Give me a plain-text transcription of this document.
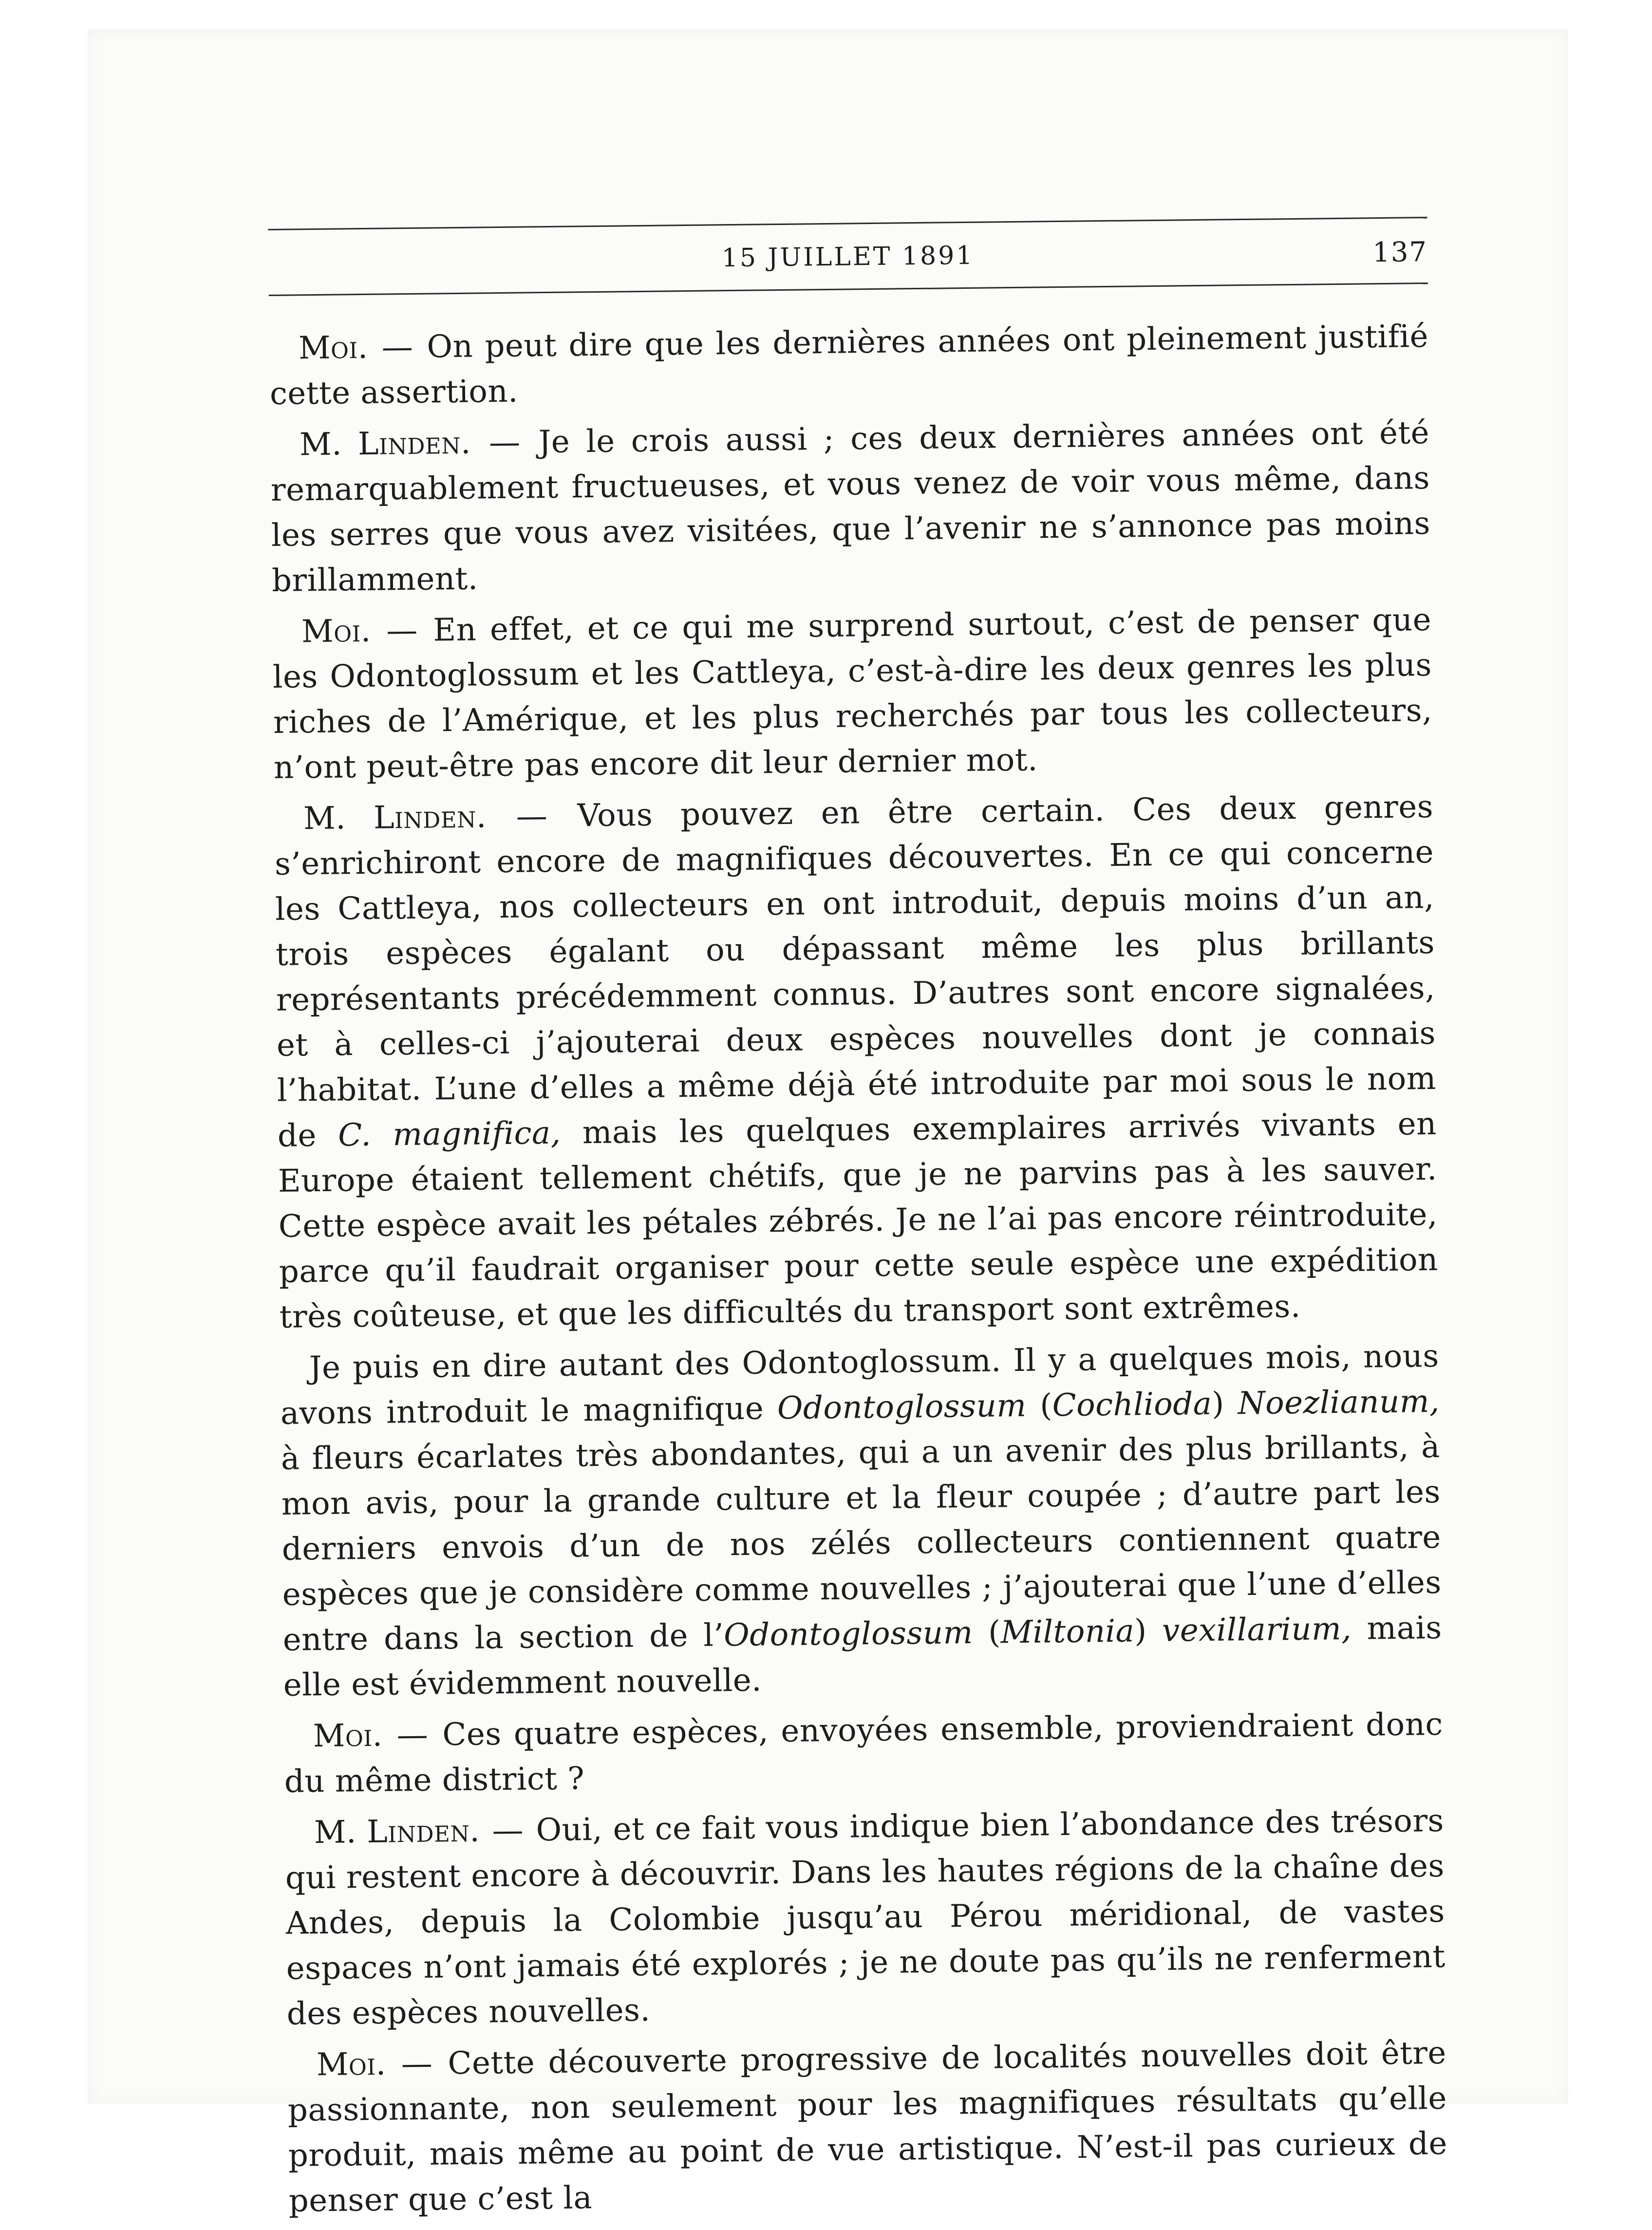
15 JUILLET 1891	137

Moi. — On peut dire que les dernières années ont pleinement justifié cette assertion.

M. Linden. — Je le crois aussi ; ces deux dernières années ont été remarquablement fructueuses, et vous venez de voir vous même, dans les serres que vous avez visitées, que l’avenir ne s’annonce pas moins brillamment.

Moi. — En effet, et ce qui me surprend surtout, c’est de penser que les Odontoglossum et les Cattleya, c’est-à-dire les deux genres les plus riches de l’Amérique, et les plus recherchés par tous les collecteurs, n’ont peut-être pas encore dit leur dernier mot.

M. Linden. — Vous pouvez en être certain. Ces deux genres s’enrichiront encore de magnifiques découvertes. En ce qui concerne les Cattleya, nos collecteurs en ont introduit, depuis moins d’un an, trois espèces égalant ou dépassant même les plus brillants représentants précédemment connus. D’autres sont encore signalées, et à celles-ci j’ajouterai deux espèces nouvelles dont je connais l’habitat. L’une d’elles a même déjà été introduite par moi sous le nom de C. magnifica, mais les quelques exemplaires arrivés vivants en Europe étaient tellement chétifs, que je ne parvins pas à les sauver. Cette espèce avait les pétales zébrés. Je ne l’ai pas encore réintroduite, parce qu’il faudrait organiser pour cette seule espèce une expédition très coûteuse, et que les difficultés du transport sont extrêmes.

Je puis en dire autant des Odontoglossum. Il y a quelques mois, nous avons introduit le magnifique Odontoglossum (Cochlioda) Noezlianum, à fleurs écarlates très abondantes, qui a un avenir des plus brillants, à mon avis, pour la grande culture et la fleur coupée ; d’autre part les derniers envois d’un de nos zélés collecteurs contiennent quatre espèces que je considère comme nouvelles ; j’ajouterai que l’une d’elles entre dans la section de l’Odontoglossum (Miltonia) vexillarium, mais elle est évidemment nouvelle.

Moi. — Ces quatre espèces, envoyées ensemble, proviendraient donc du même district ?

M. Linden. — Oui, et ce fait vous indique bien l’abondance des trésors qui restent encore à découvrir. Dans les hautes régions de la chaîne des Andes, depuis la Colombie jusqu’au Pérou méridional, de vastes espaces n’ont jamais été explorés ; je ne doute pas qu’ils ne renferment des espèces nouvelles.

Moi. — Cette découverte progressive de localités nouvelles doit être passionnante, non seulement pour les magnifiques résultats qu’elle produit, mais même au point de vue artistique. N’est-il pas curieux de penser que c’est la
